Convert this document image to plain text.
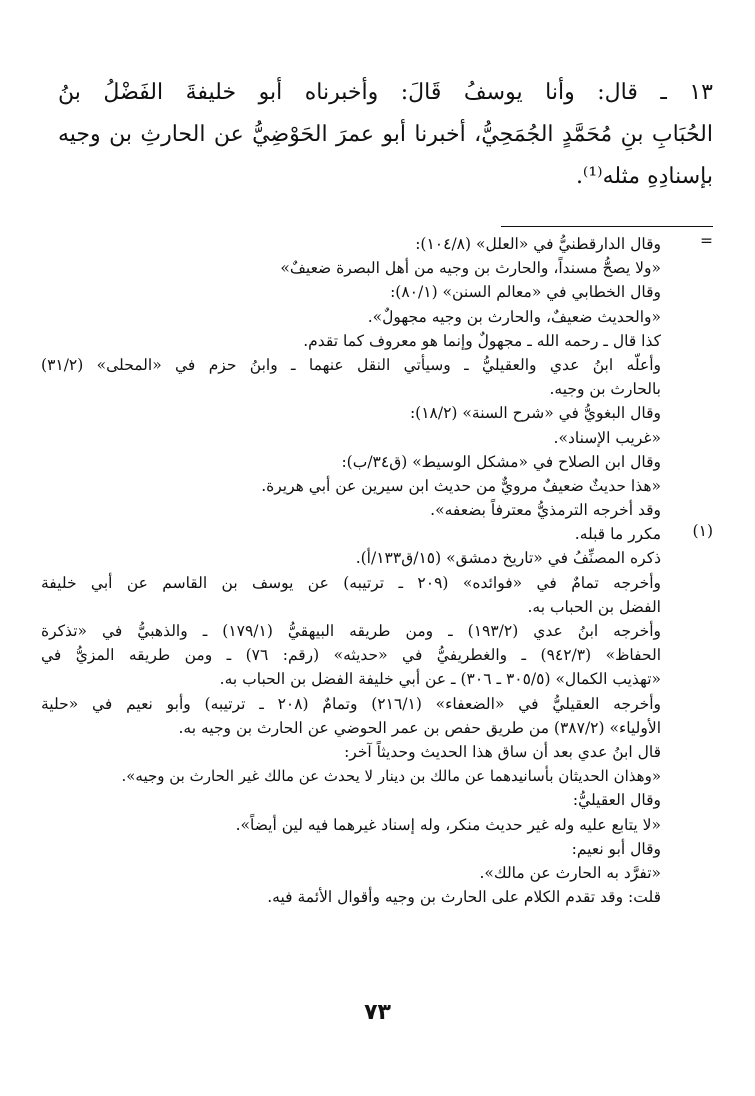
١٣ ـ قال: وأنا يوسفُ قَالَ: وأخبرناه أبو خليفةَ الفَضْلُ بنُ
الحُبَابِ بنِ مُحَمَّدٍ الجُمَحِيُّ، أخبرنا أبو عمرَ الحَوْضِيُّ عن الحارثِ بن وجيه
بإسنادِهِ مثله⁽¹⁾.
=
وقال الدارقطنيُّ في «العلل» (١٠٤/٨):
«ولا يصحُّ مسنداً، والحارث بن وجيه من أهل البصرة ضعيفٌ»
وقال الخطابي في «معالم السنن» (٨٠/١):
«والحديث ضعيفٌ، والحارث بن وجيه مجهولٌ».
كذا قال ـ رحمه الله ـ مجهولٌ وإنما هو معروف كما تقدم.
وأعلّه ابنُ عدي والعقيليُّ ـ وسيأتي النقل عنهما ـ وابنُ حزم في «المحلى» (٣١/٢)
بالحارث بن وجيه.
وقال البغويُّ في «شرح السنة» (١٨/٢):
«غريب الإسناد».
وقال ابن الصلاح في «مشكل الوسيط» (ق٣٤/ب):
«هذا حديثٌ ضعيفٌ مرويٌّ من حديث ابن سيرين عن أبي هريرة.
وقد أخرجه الترمذيُّ معترفاً بضعفه».
(١)
مكرر ما قبله.
ذكره المصنِّفُ في «تاريخ دمشق» (١٥/ق١٣٣/أ).
وأخرجه تمامٌ في «فوائده» (٢٠٩ ـ ترتيبه) عن يوسف بن القاسم عن أبي خليفة
الفضل بن الحباب به.
وأخرجه ابنُ عدي (١٩٣/٢) ـ ومن طريقه البيهقيُّ (١٧٩/١) ـ والذهبيُّ في «تذكرة
الحفاظ» (٩٤٢/٣) ـ والغطريفيُّ في «حديثه» (رقم: ٧٦) ـ ومن طريقه المزيُّ في
«تهذيب الكمال» (٣٠٥/٥ ـ ٣٠٦) ـ عن أبي خليفة الفضل بن الحباب به.
وأخرجه العقيليُّ في «الضعفاء» (٢١٦/١) وتمامٌ (٢٠٨ ـ ترتيبه) وأبو نعيم في «حلية
الأولياء» (٣٨٧/٢) من طريق حفص بن عمر الحوضي عن الحارث بن وجيه به.
قال ابنُ عدي بعد أن ساق هذا الحديث وحديثاً آخر:
«وهذان الحديثان بأسانيدهما عن مالك بن دينار لا يحدث عن مالك غير الحارث بن وجيه».
وقال العقيليُّ:
«لا يتابع عليه وله غير حديث منكر، وله إسناد غيرهما فيه لين أيضاً».
وقال أبو نعيم:
«تفرَّد به الحارث عن مالك».
قلت: وقد تقدم الكلام على الحارث بن وجيه وأقوال الأئمة فيه.
٧٣
